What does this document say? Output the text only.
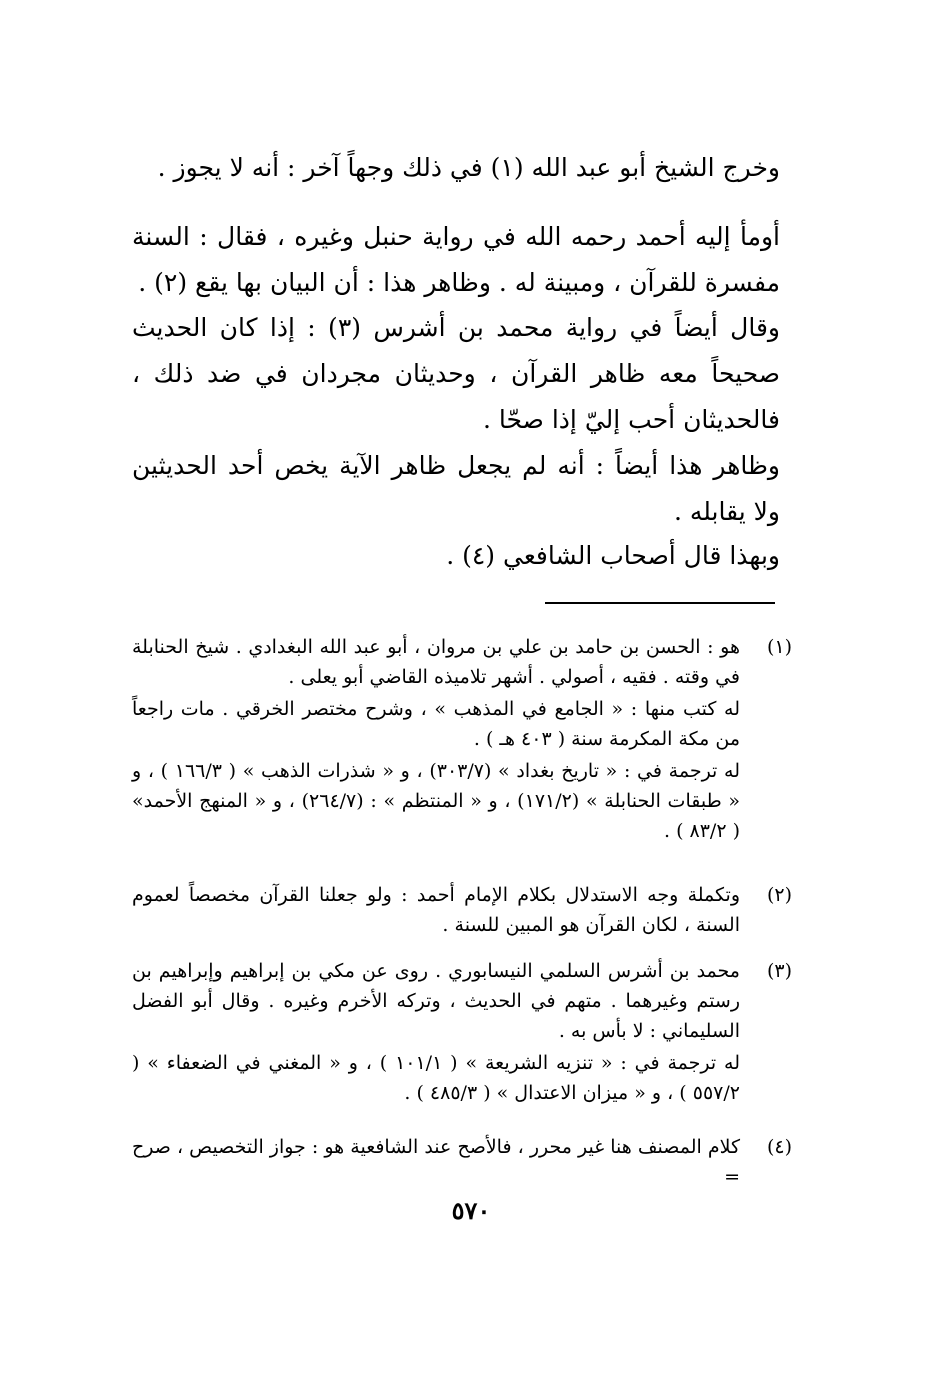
وخرج الشيخ أبو عبد الله (١) في ذلك وجهاً آخر : أنه لا يجوز .
أومأ إليه أحمد رحمه الله في رواية حنبل وغيره ، فقال : السنة مفسرة للقرآن ، ومبينة له . وظاهر هذا : أن البيان بها يقع (٢) .
وقال أيضاً في رواية محمد بن أشرس (٣) : إذا كان الحديث صحيحاً معه ظاهر القرآن ، وحديثان مجردان في ضد ذلك ، فالحديثان أحب إليّ إذا صحّا .
وظاهر هذا أيضاً : أنه لم يجعل ظاهر الآية يخص أحد الحديثين ولا يقابله .
وبهذا قال أصحاب الشافعي (٤) .
(١)
هو : الحسن بن حامد بن علي بن مروان ، أبو عبد الله البغدادي . شيخ الحنابلة في وقته . فقيه ، أصولي . أشهر تلاميذه القاضي أبو يعلى .
له كتب منها : « الجامع في المذهب » ، وشرح مختصر الخرقي . مات راجعاً من مكة المكرمة سنة ( ٤٠٣ هـ ) .
له ترجمة في : « تاريخ بغداد » (٣٠٣/٧) ، و « شذرات الذهب » ( ١٦٦/٣ ) ، و « طبقات الحنابلة » (١٧١/٢) ، و « المنتظم » : (٢٦٤/٧) ، و « المنهج الأحمد» ( ٨٣/٢ ) .
(٢)
وتكملة وجه الاستدلال بكلام الإمام أحمد : ولو جعلنا القرآن مخصصاً لعموم السنة ، لكان القرآن هو المبين للسنة .
(٣)
محمد بن أشرس السلمي النيسابوري . روى عن مكي بن إبراهيم وإبراهيم بن رستم وغيرهما . متهم في الحديث ، وتركه الأخرم وغيره . وقال أبو الفضل السليماني : لا بأس به .
له ترجمة في : « تنزيه الشريعة » ( ١٠١/١ ) ، و « المغني في الضعفاء » ( ٥٥٧/٢ ) ، و « ميزان الاعتدال » ( ٤٨٥/٣ ) .
(٤)
كلام المصنف هنا غير محرر ، فالأصح عند الشافعية هو : جواز التخصيص ، صرح =
٥٧٠
